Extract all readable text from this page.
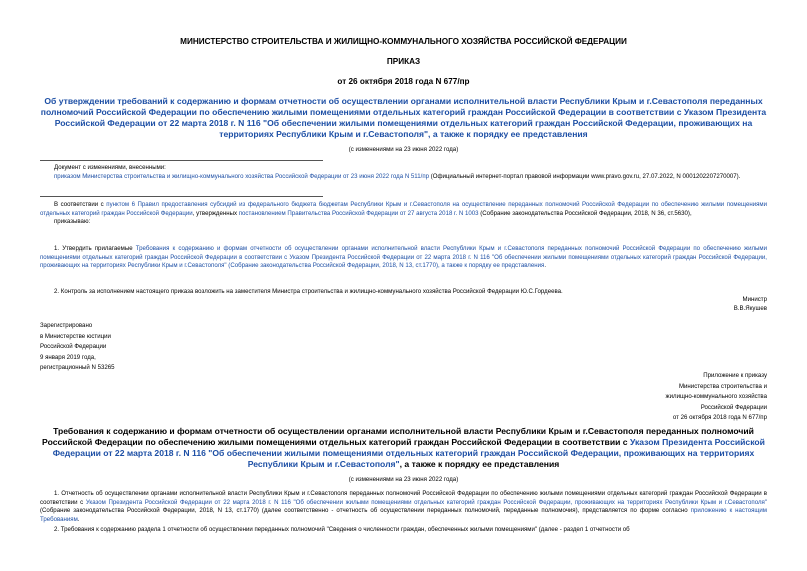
МИНИСТЕРСТВО СТРОИТЕЛЬСТВА И ЖИЛИЩНО-КОММУНАЛЬНОГО ХОЗЯЙСТВА РОССИЙСКОЙ ФЕДЕРАЦИИ
ПРИКАЗ
от 26 октября 2018 года N 677/пр
Об утверждении требований к содержанию и формам отчетности об осуществлении органами исполнительной власти Республики Крым и г.Севастополя переданных полномочий Российской Федерации по обеспечению жилыми помещениями отдельных категорий граждан Российской Федерации в соответствии с Указом Президента Российской Федерации от 22 марта 2018 г. N 116 "Об обеспечении жилыми помещениями отдельных категорий граждан Российской Федерации, проживающих на территориях Республики Крым и г.Севастополя", а также к порядку ее представления
(с изменениями на 23 июня 2022 года)
Документ с изменениями, внесенными:
приказом Министерства строительства и жилищно-коммунального хозяйства Российской Федерации от 23 июня 2022 года N 511/пр (Официальный интернет-портал правовой информации www.pravo.gov.ru, 27.07.2022, N 0001202207270007).
В соответствии с пунктом 6 Правил предоставления субсидий из федерального бюджета бюджетам Республики Крым и г.Севастополя на осуществление переданных полномочий Российской Федерации по обеспечению жилыми помещениями отдельных категорий граждан Российской Федерации, утвержденных постановлением Правительства Российской Федерации от 27 августа 2018 г. N 1003 (Собрание законодательства Российской Федерации, 2018, N 36, ст.5630),
приказываю:
1. Утвердить прилагаемые Требования к содержанию и формам отчетности об осуществлении органами исполнительной власти Республики Крым и г.Севастополя переданных полномочий Российской Федерации по обеспечению жилыми помещениями отдельных категорий граждан Российской Федерации в соответствии с Указом Президента Российской Федерации от 22 марта 2018 г. N 116 "Об обеспечении жилыми помещениями отдельных категорий граждан Российской Федерации, проживающих на территориях Республики Крым и г.Севастополя" (Собрание законодательства Российской Федерации, 2018, N 13, ст.1770), а также к порядку ее представления.
2. Контроль за исполнением настоящего приказа возложить на заместителя Министра строительства и жилищно-коммунального хозяйства Российской Федерации Ю.С.Гордеева.
Министр
В.В.Якушев
Зарегистрировано
в Министерстве юстиции
Российской Федерации
9 января 2019 года,
регистрационный N 53265
Приложение к приказу
Министерства строительства и
жилищно-коммунального хозяйства
Российской Федерации
от 26 октября 2018 года N 677/пр
Требования к содержанию и формам отчетности об осуществлении органами исполнительной власти Республики Крым и г.Севастополя переданных полномочий Российской Федерации по обеспечению жилыми помещениями отдельных категорий граждан Российской Федерации в соответствии с Указом Президента Российской Федерации от 22 марта 2018 г. N 116 "Об обеспечении жилыми помещениями отдельных категорий граждан Российской Федерации, проживающих на территориях Республики Крым и г.Севастополя", а также к порядку ее представления
(с изменениями на 23 июня 2022 года)
1. Отчетность об осуществлении органами исполнительной власти Республики Крым и г.Севастополя переданных полномочий Российской Федерации по обеспечению жилыми помещениями отдельных категорий граждан Российской Федерации в соответствии с Указом Президента Российской Федерации от 22 марта 2018 г. N 116 "Об обеспечении жилыми помещениями отдельных категорий граждан Российской Федерации, проживающих на территориях Республики Крым и г.Севастополя" (Собрание законодательства Российской Федерации, 2018, N 13, ст.1770) (далее соответственно - отчетность об осуществлении переданных полномочий, переданные полномочия), представляется по форме согласно приложению к настоящим Требованиям.
2. Требования к содержанию раздела 1 отчетности об осуществлении переданных полномочий "Сведения о численности граждан, обеспеченных жилыми помещениями" (далее - раздел 1 отчетности об
